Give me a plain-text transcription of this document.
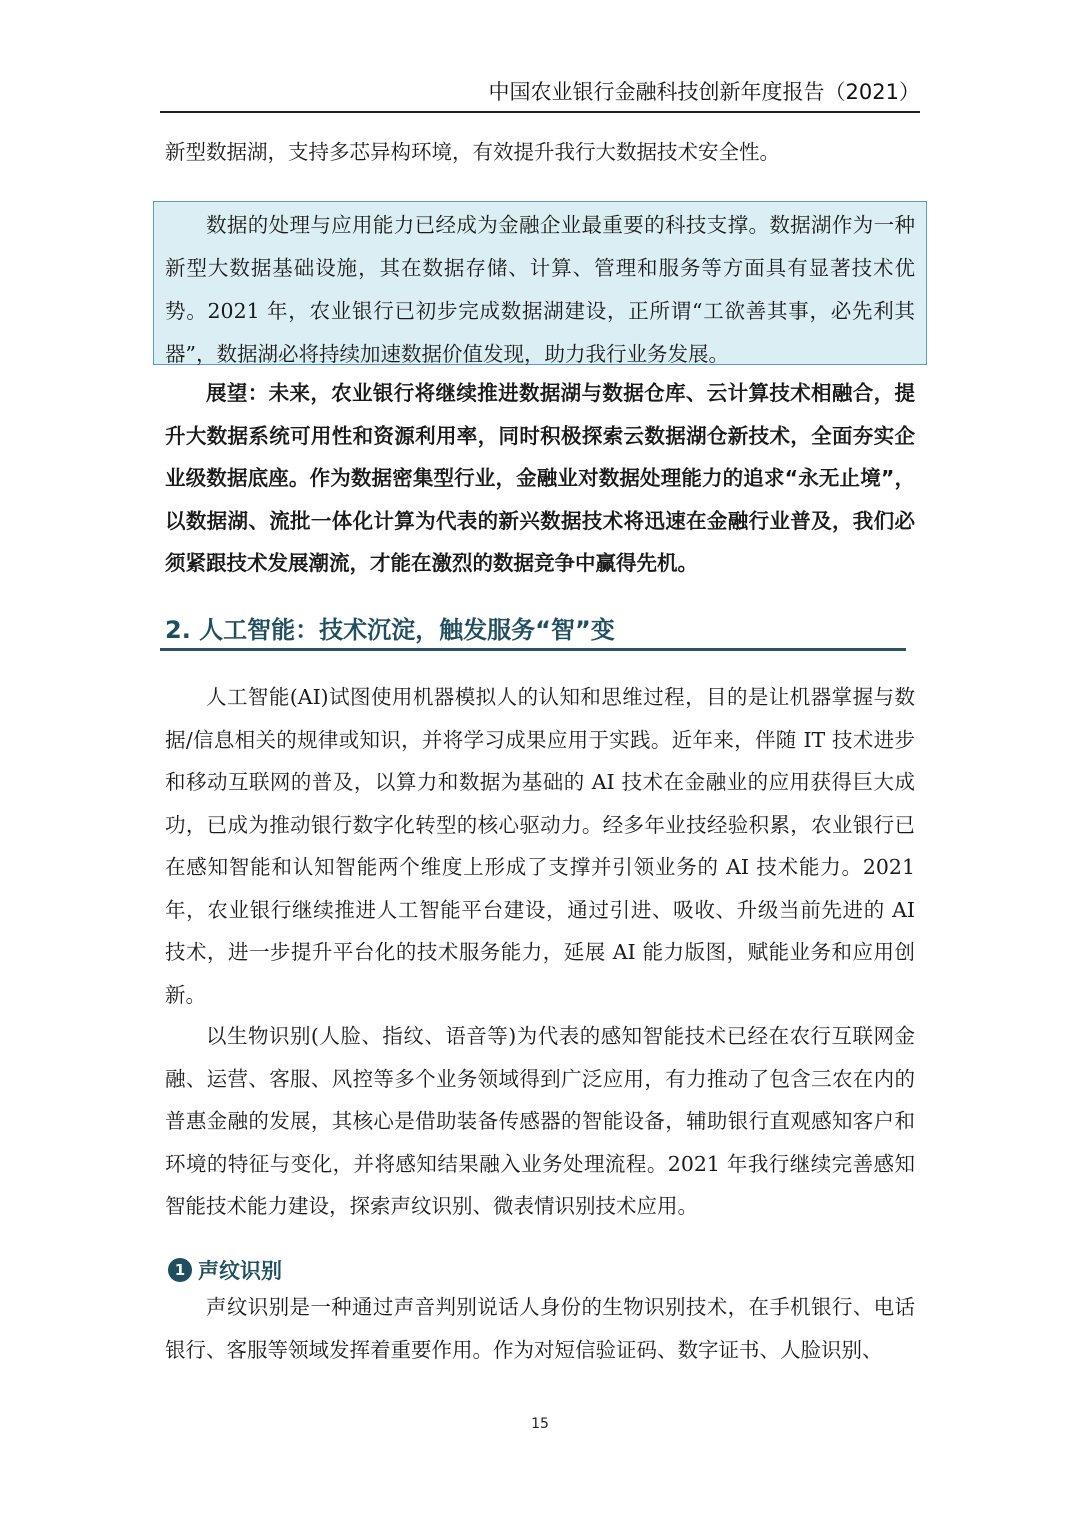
中国农业银行金融科技创新年度报告（2021）

新型数据湖，支持多芯异构环境，有效提升我行大数据技术安全性。

数据的处理与应用能力已经成为金融企业最重要的科技支撑。数据湖作为一种新型大数据基础设施，其在数据存储、计算、管理和服务等方面具有显著技术优势。2021 年，农业银行已初步完成数据湖建设，正所谓“工欲善其事，必先利其器”，数据湖必将持续加速数据价值发现，助力我行业务发展。

展望：未来，农业银行将继续推进数据湖与数据仓库、云计算技术相融合，提升大数据系统可用性和资源利用率，同时积极探索云数据湖仓新技术，全面夯实企业级数据底座。作为数据密集型行业，金融业对数据处理能力的追求“永无止境”，以数据湖、流批一体化计算为代表的新兴数据技术将迅速在金融行业普及，我们必须紧跟技术发展潮流，才能在激烈的数据竞争中赢得先机。

2. 人工智能：技术沉淀，触发服务“智”变

人工智能(AI)试图使用机器模拟人的认知和思维过程，目的是让机器掌握与数据/信息相关的规律或知识，并将学习成果应用于实践。近年来，伴随 IT 技术进步和移动互联网的普及，以算力和数据为基础的 AI 技术在金融业的应用获得巨大成功，已成为推动银行数字化转型的核心驱动力。经多年业技经验积累，农业银行已在感知智能和认知智能两个维度上形成了支撑并引领业务的 AI 技术能力。2021 年，农业银行继续推进人工智能平台建设，通过引进、吸收、升级当前先进的 AI 技术，进一步提升平台化的技术服务能力，延展 AI 能力版图，赋能业务和应用创新。

以生物识别(人脸、指纹、语音等)为代表的感知智能技术已经在农行互联网金融、运营、客服、风控等多个业务领域得到广泛应用，有力推动了包含三农在内的普惠金融的发展，其核心是借助装备传感器的智能设备，辅助银行直观感知客户和环境的特征与变化，并将感知结果融入业务处理流程。2021 年我行继续完善感知智能技术能力建设，探索声纹识别、微表情识别技术应用。

1 声纹识别

声纹识别是一种通过声音判别说话人身份的生物识别技术，在手机银行、电话银行、客服等领域发挥着重要作用。作为对短信验证码、数字证书、人脸识别、

15
